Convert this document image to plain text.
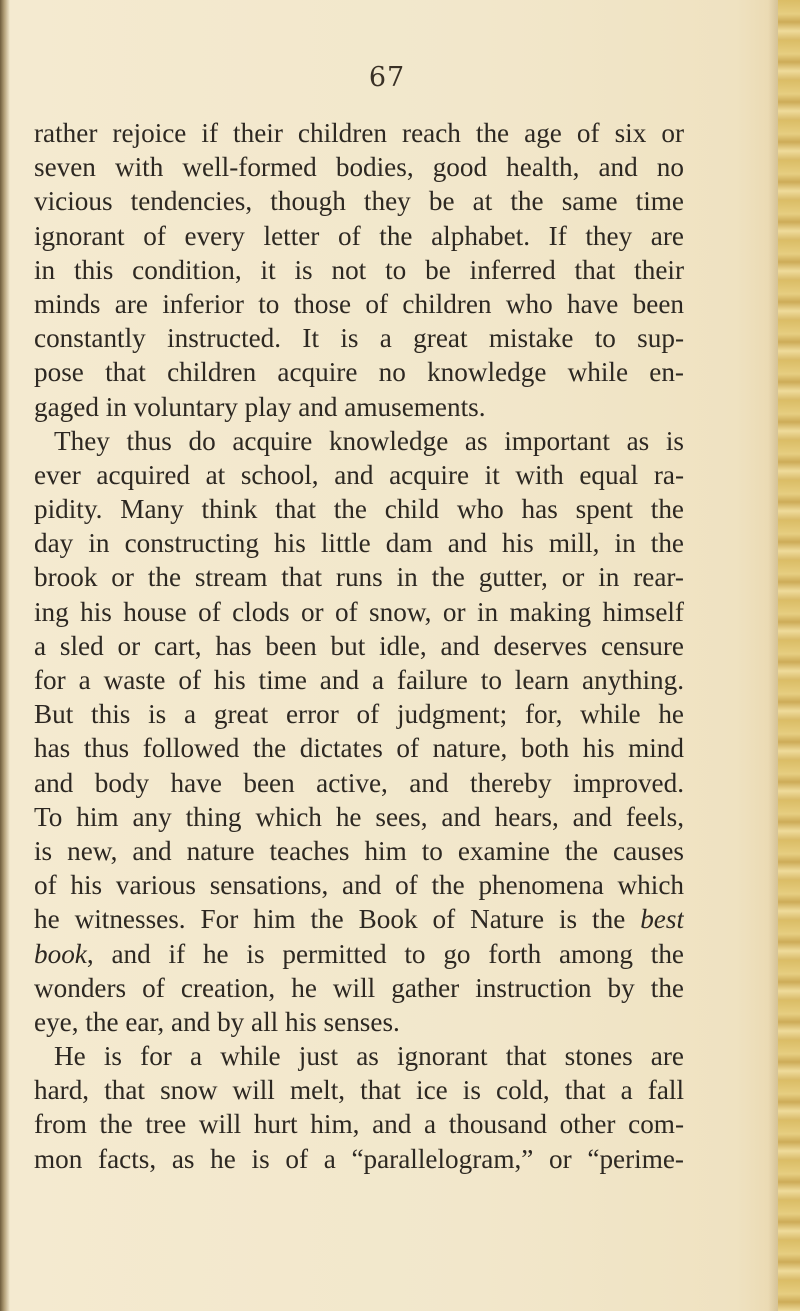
67
rather rejoice if their children reach the age of six or
seven with well-formed bodies, good health, and no
vicious tendencies, though they be at the same time
ignorant of every letter of the alphabet. If they are
in this condition, it is not to be inferred that their
minds are inferior to those of children who have been
constantly instructed. It is a great mistake to sup-
pose that children acquire no knowledge while en-
gaged in voluntary play and amusements.
They thus do acquire knowledge as important as is
ever acquired at school, and acquire it with equal ra-
pidity. Many think that the child who has spent the
day in constructing his little dam and his mill, in the
brook or the stream that runs in the gutter, or in rear-
ing his house of clods or of snow, or in making himself
a sled or cart, has been but idle, and deserves censure
for a waste of his time and a failure to learn anything.
But this is a great error of judgment; for, while he
has thus followed the dictates of nature, both his mind
and body have been active, and thereby improved.
To him any thing which he sees, and hears, and feels,
is new, and nature teaches him to examine the causes
of his various sensations, and of the phenomena which
he witnesses. For him the Book of Nature is the best
book, and if he is permitted to go forth among the
wonders of creation, he will gather instruction by the
eye, the ear, and by all his senses.
He is for a while just as ignorant that stones are
hard, that snow will melt, that ice is cold, that a fall
from the tree will hurt him, and a thousand other com-
mon facts, as he is of a “parallelogram,” or “perime-
